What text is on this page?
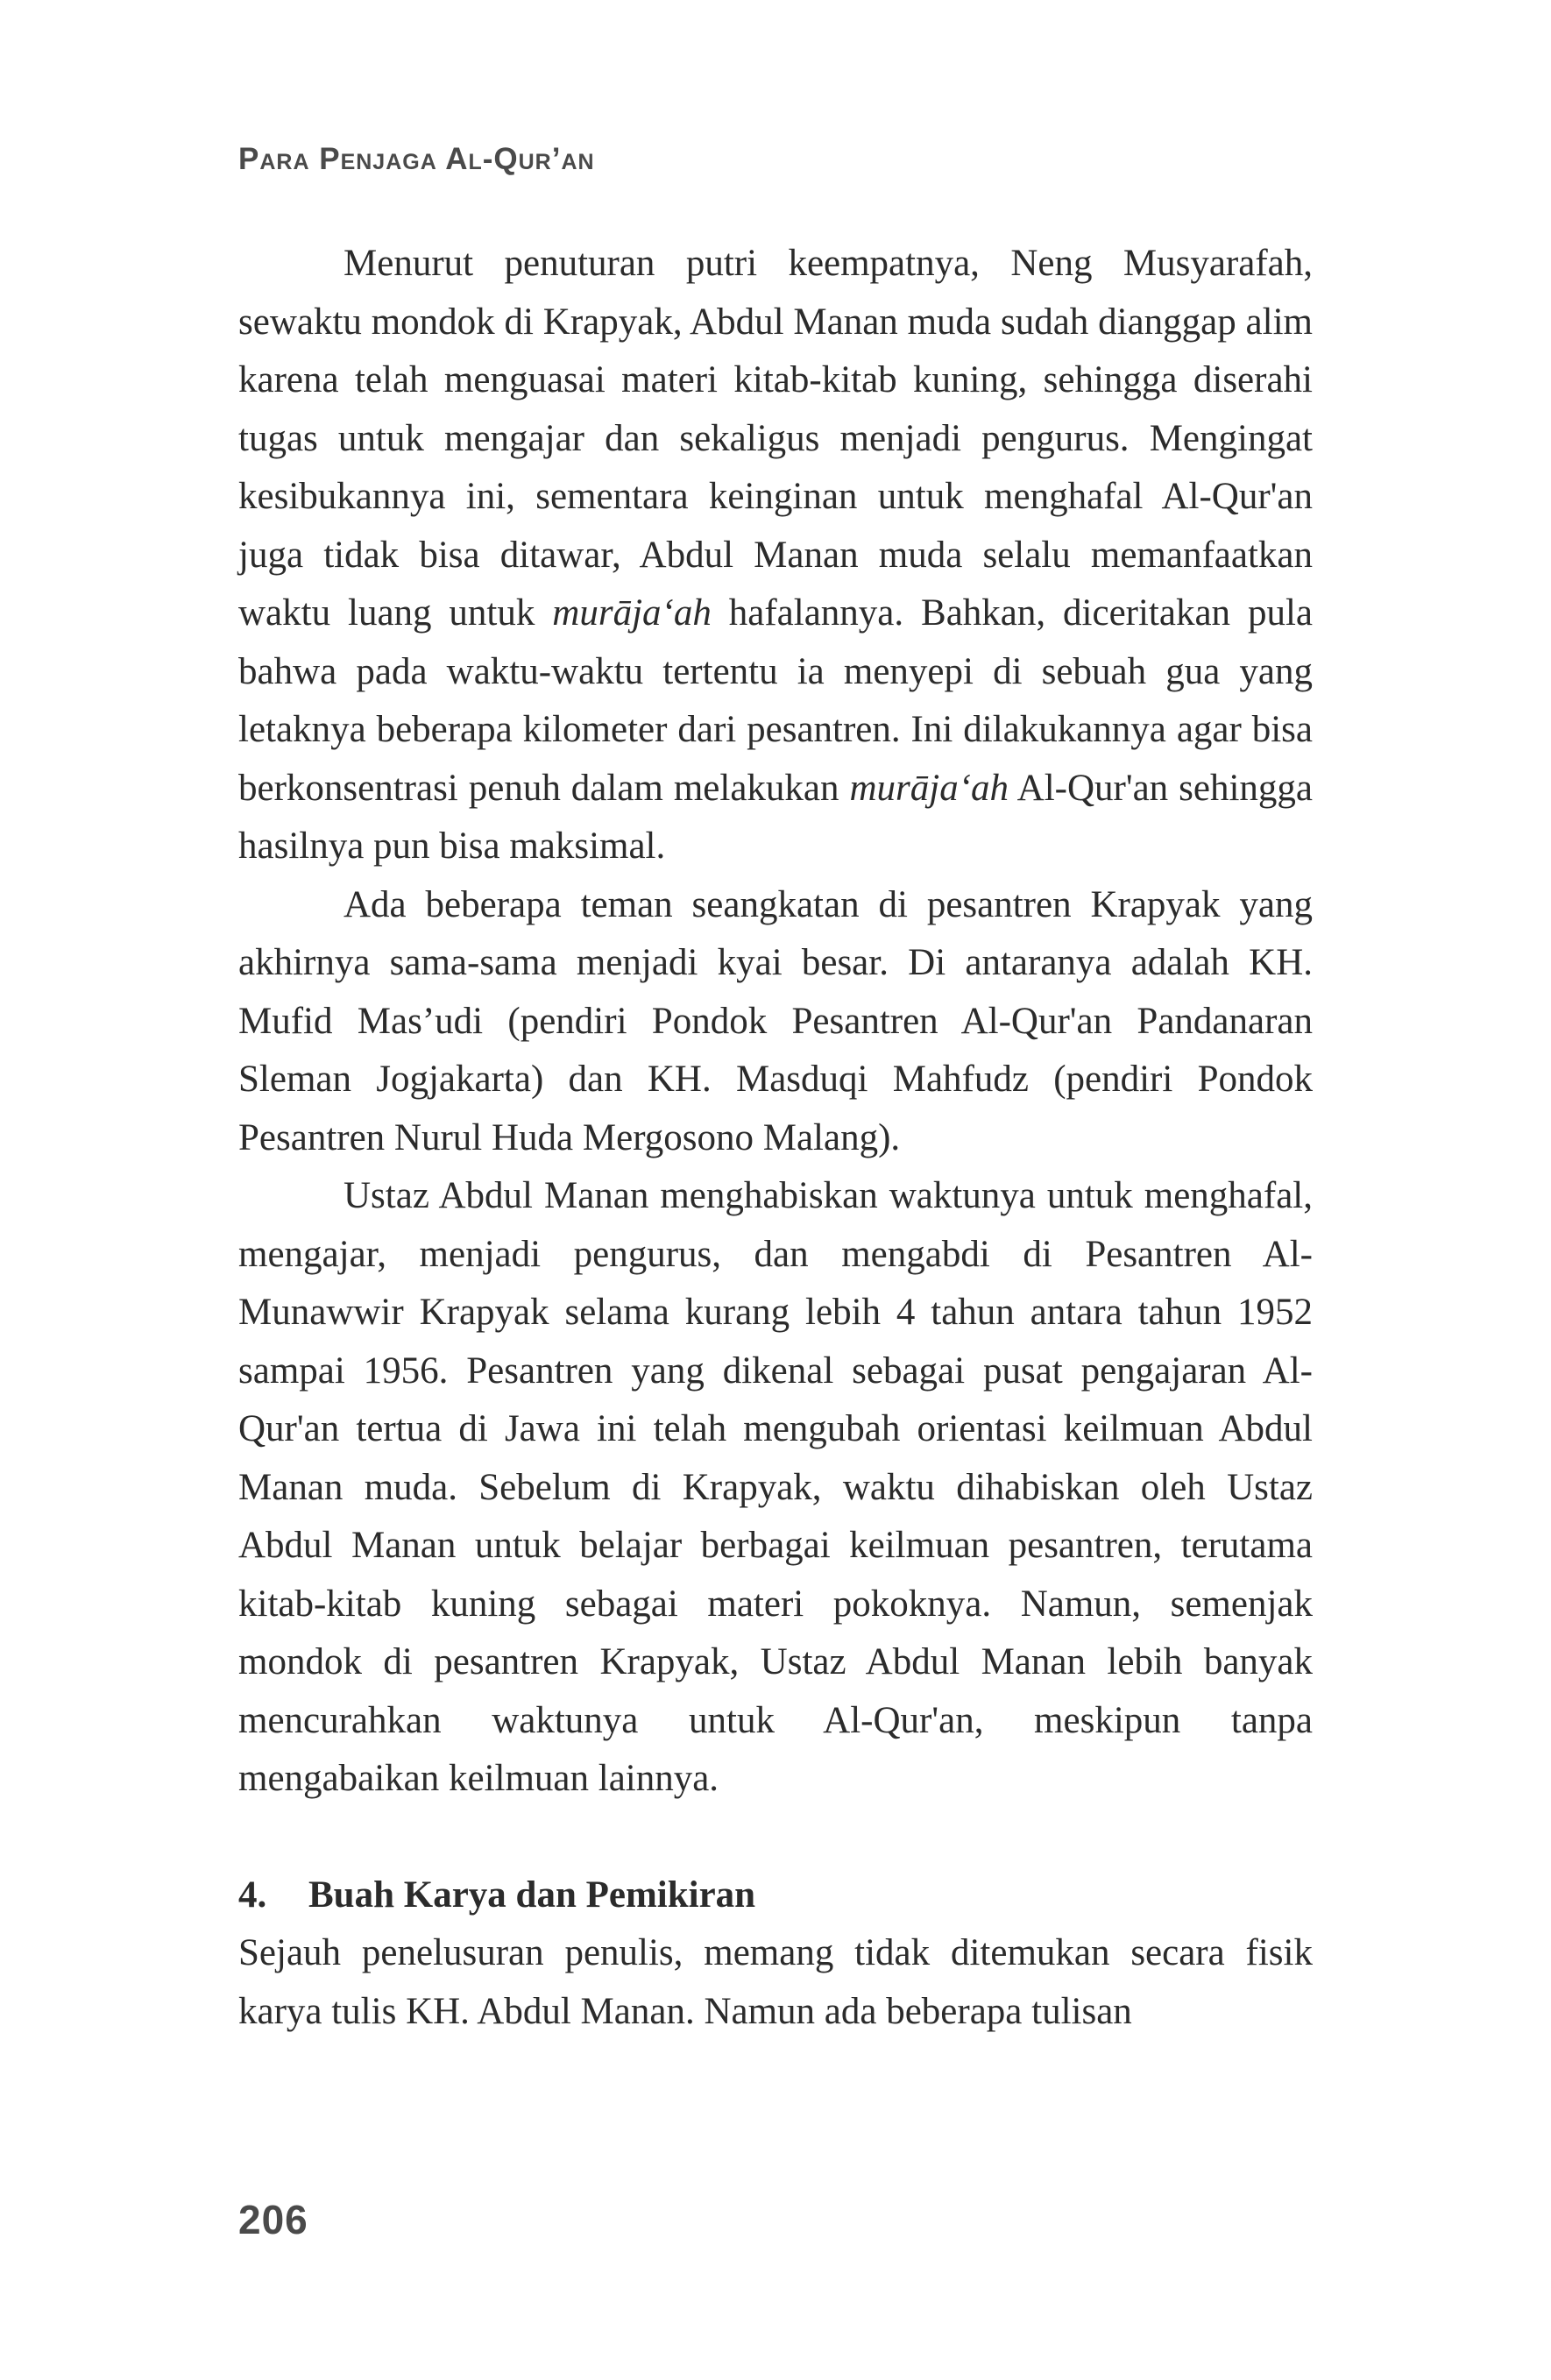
Para Penjaga Al-Qur’an

Menurut penuturan putri keempatnya, Neng Musyarafah, sewaktu mondok di Krapyak, Abdul Manan muda sudah dianggap alim karena telah menguasai materi kitab-kitab kuning, sehingga diserahi tugas untuk mengajar dan sekaligus menjadi pengurus. Mengingat kesibukannya ini, sementara keinginan untuk menghafal Al-Qur'an juga tidak bisa ditawar, Abdul Manan muda selalu memanfaatkan waktu luang untuk murāja‘ah hafalannya. Bahkan, diceritakan pula bahwa pada waktu-waktu tertentu ia menyepi di sebuah gua yang letaknya beberapa kilometer dari pesantren. Ini dilakukannya agar bisa berkonsentrasi penuh dalam melakukan murāja‘ah Al-Qur'an sehingga hasilnya pun bisa maksimal.

Ada beberapa teman seangkatan di pesantren Krapyak yang akhirnya sama-sama menjadi kyai besar. Di antaranya adalah KH. Mufid Mas’udi (pendiri Pondok Pesantren Al-Qur'an Pandanaran Sleman Jogjakarta) dan KH. Masduqi Mahfudz (pendiri Pondok Pesantren Nurul Huda Mergosono Malang).

Ustaz Abdul Manan menghabiskan waktunya untuk menghafal, mengajar, menjadi pengurus, dan mengabdi di Pesantren Al-Munawwir Krapyak selama kurang lebih 4 tahun antara tahun 1952 sampai 1956. Pesantren yang dikenal sebagai pusat pengajaran Al-Qur'an tertua di Jawa ini telah mengubah orientasi keilmuan Abdul Manan muda. Sebelum di Krapyak, waktu dihabiskan oleh Ustaz Abdul Manan untuk belajar berbagai keilmuan pesantren, terutama kitab-kitab kuning sebagai materi pokoknya. Namun, semenjak mondok di pesantren Krapyak, Ustaz Abdul Manan lebih banyak mencurahkan waktunya untuk Al-Qur'an, meskipun tanpa mengabaikan keilmuan lainnya.

4. Buah Karya dan Pemikiran

Sejauh penelusuran penulis, memang tidak ditemukan secara fisik karya tulis KH. Abdul Manan. Namun ada beberapa tulisan

206
